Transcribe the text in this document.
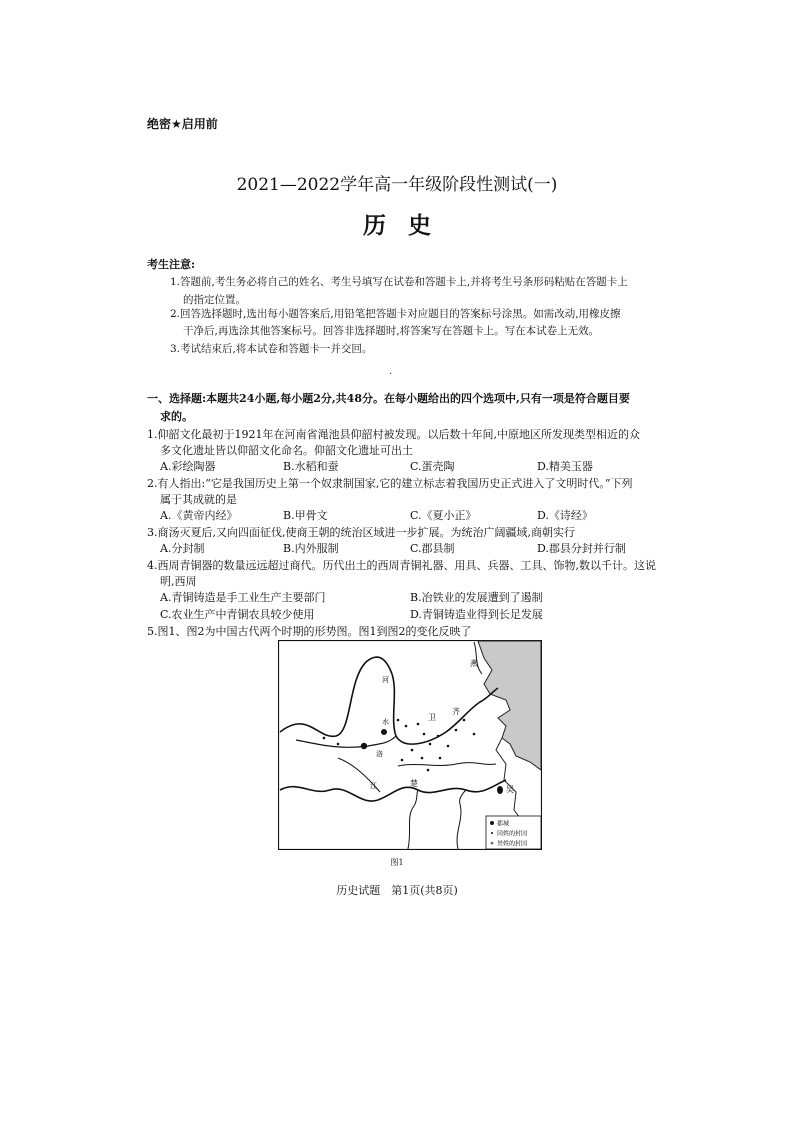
绝密★启用前
2021—2022学年高一年级阶段性测试(一)
历史
考生注意:
1.答题前,考生务必将自己的姓名、考生号填写在试卷和答题卡上,并将考生号条形码粘贴在答题卡上
的指定位置。
2.回答选择题时,选出每小题答案后,用铅笔把答题卡对应题目的答案标号涂黑。如需改动,用橡皮擦
干净后,再选涂其他答案标号。回答非选择题时,将答案写在答题卡上。写在本试卷上无效。
3.考试结束后,将本试卷和答题卡一并交回。
·
一、选择题:本题共24小题,每小题2分,共48分。在每小题给出的四个选项中,只有一项是符合题目要
求的。
1.仰韶文化最初于1921年在河南省渑池县仰韶村被发现。以后数十年间,中原地区所发现类型相近的众
多文化遗址皆以仰韶文化命名。仰韶文化遗址可出土
A.彩绘陶器	B.水稻和蚕	C.蛋壳陶	D.精美玉器
2.有人指出:“它是我国历史上第一个奴隶制国家,它的建立标志着我国历史正式进入了文明时代。”下列
属于其成就的是
A.《黄帝内经》	B.甲骨文	C.《夏小正》	D.《诗经》
3.商汤灭夏后,又向四面征伐,使商王朝的统治区域进一步扩展。为统治广阔疆域,商朝实行
A.分封制	B.内外服制	C.郡县制	D.郡县分封并行制
4.西周青铜器的数量远远超过商代。历代出土的西周青铜礼器、用具、兵器、工具、饰物,数以千计。这说
明,西周
A.青铜铸造是手工业生产主要部门	B.冶铁业的发展遭到了遏制
C.农业生产中青铜农具较少使用	D.青铜铸造业得到长足发展
5.图1、图2为中国古代两个时期的形势图。图1到图2的变化反映了
燕
河
水
洛
卫
齐
江	楚
吴
都城
同姓的封国
异姓的封国
图1
历史试题　第1页(共8页)
